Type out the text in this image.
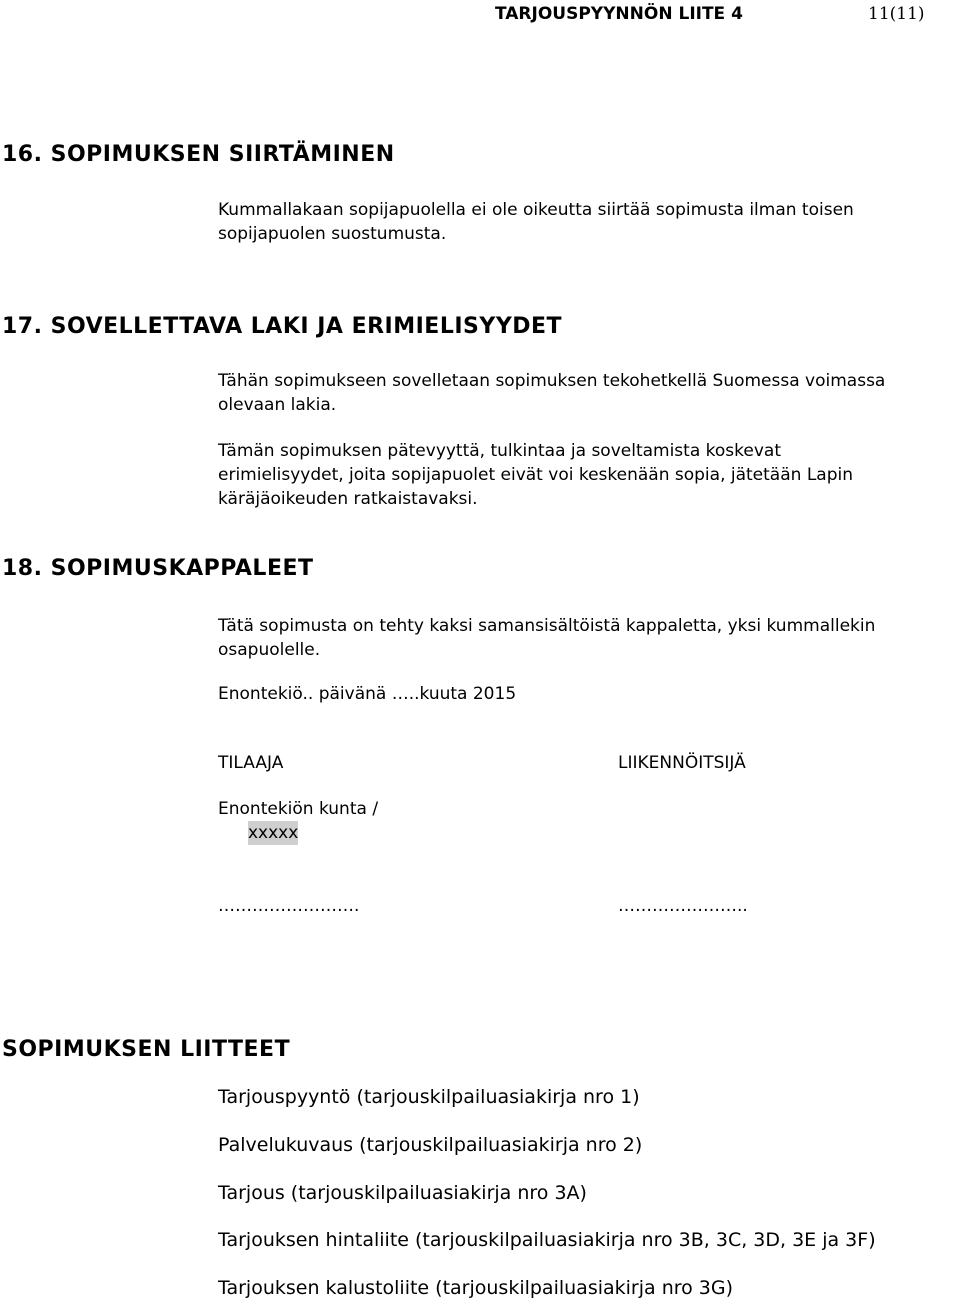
TARJOUSPYYNNÖN LIITE 4	11(11)
16. SOPIMUKSEN SIIRTÄMINEN
Kummallakaan sopijapuolella ei ole oikeutta siirtää sopimusta ilman toisen
sopijapuolen suostumusta.
17. SOVELLETTAVA LAKI JA ERIMIELISYYDET
Tähän sopimukseen sovelletaan sopimuksen tekohetkellä Suomessa voimassa
olevaan lakia.
Tämän sopimuksen pätevyyttä, tulkintaa ja soveltamista koskevat
erimielisyydet, joita sopijapuolet eivät voi keskenään sopia, jätetään Lapin
käräjäoikeuden ratkaistavaksi.
18. SOPIMUSKAPPALEET
Tätä sopimusta on tehty kaksi samansisältöistä kappaletta, yksi kummallekin
osapuolelle.
Enontekiö.. päivänä …..kuuta 2015
TILAAJA	LIIKENNÖITSIJÄ
Enontekiön kunta /
xxxxx
…………………….	…………………..
SOPIMUKSEN LIITTEET
Tarjouspyyntö (tarjouskilpailuasiakirja nro 1)
Palvelukuvaus (tarjouskilpailuasiakirja nro 2)
Tarjous (tarjouskilpailuasiakirja nro 3A)
Tarjouksen hintaliite (tarjouskilpailuasiakirja nro 3B, 3C, 3D, 3E ja 3F)
Tarjouksen kalustoliite (tarjouskilpailuasiakirja nro 3G)
